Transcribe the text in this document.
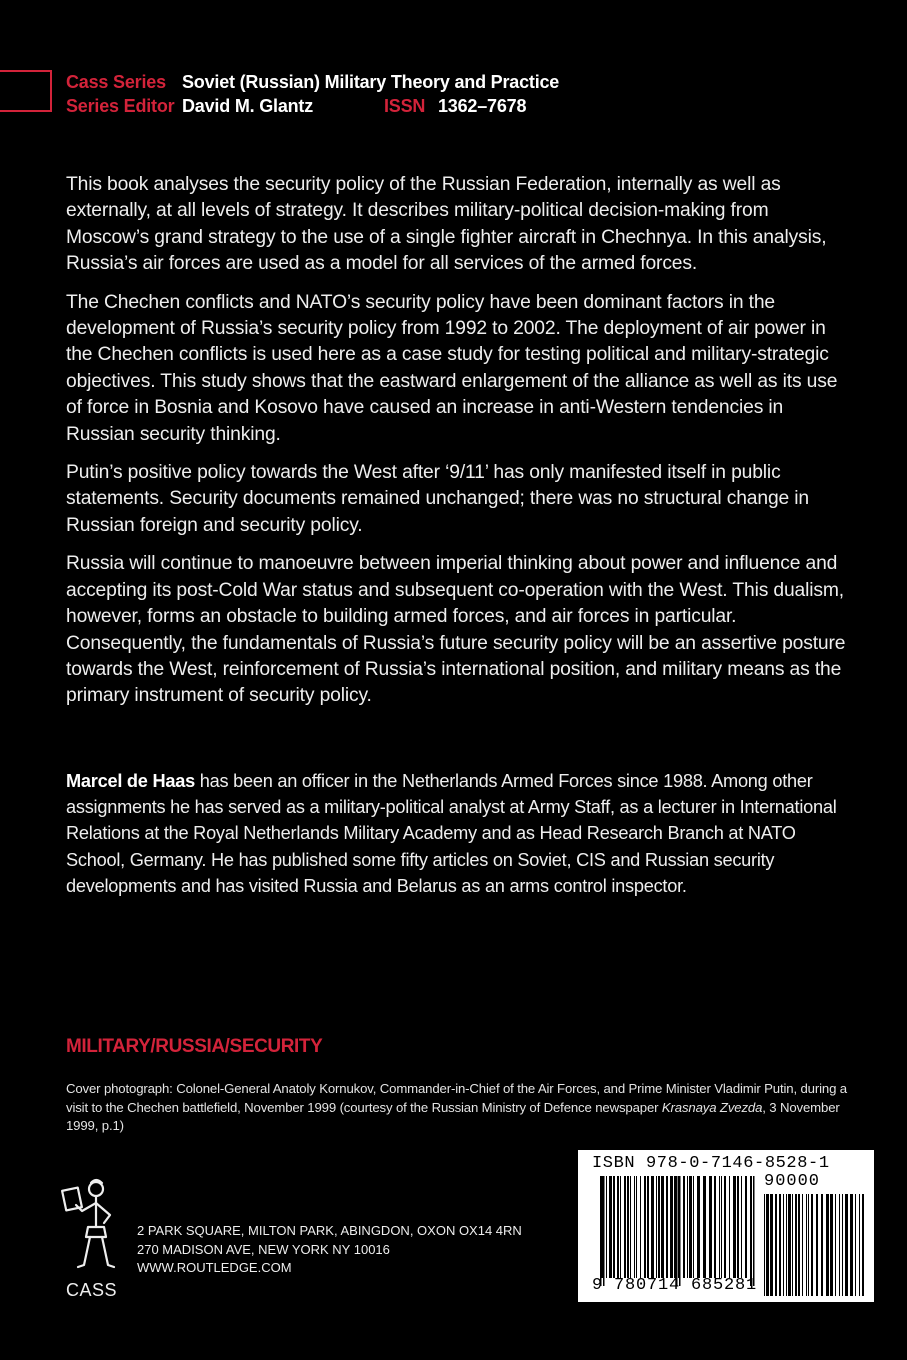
Cass Series Soviet (Russian) Military Theory and Practice
Series Editor David M. Glantz	ISSN 1362–7678

This book analyses the security policy of the Russian Federation, internally as well as externally, at all levels of strategy. It describes military-political decision-making from Moscow’s grand strategy to the use of a single fighter aircraft in Chechnya. In this analysis, Russia’s air forces are used as a model for all services of the armed forces.

The Chechen conflicts and NATO’s security policy have been dominant factors in the development of Russia’s security policy from 1992 to 2002. The deployment of air power in the Chechen conflicts is used here as a case study for testing political and military-strategic objectives. This study shows that the eastward enlargement of the alliance as well as its use of force in Bosnia and Kosovo have caused an increase in anti-Western tendencies in Russian security thinking.

Putin’s positive policy towards the West after ‘9/11’ has only manifested itself in public statements. Security documents remained unchanged; there was no structural change in Russian foreign and security policy.

Russia will continue to manoeuvre between imperial thinking about power and influence and accepting its post-Cold War status and subsequent co-operation with the West. This dualism, however, forms an obstacle to building armed forces, and air forces in particular. Consequently, the fundamentals of Russia’s future security policy will be an assertive posture towards the West, reinforcement of Russia’s international position, and military means as the primary instrument of security policy.

Marcel de Haas has been an officer in the Netherlands Armed Forces since 1988. Among other assignments he has served as a military-political analyst at Army Staff, as a lecturer in International Relations at the Royal Netherlands Military Academy and as Head Research Branch at NATO School, Germany. He has published some fifty articles on Soviet, CIS and Russian security developments and has visited Russia and Belarus as an arms control inspector.
MILITARY/RUSSIA/SECURITY
Cover photograph: Colonel-General Anatoly Kornukov, Commander-in-Chief of the Air Forces, and Prime Minister Vladimir Putin, during a visit to the Chechen battlefield, November 1999 (courtesy of the Russian Ministry of Defence newspaper Krasnaya Zvezda, 3 November 1999, p.1)
CASS
2 PARK SQUARE, MILTON PARK, ABINGDON, OXON OX14 4RN
270 MADISON AVE, NEW YORK NY 10016
WWW.ROUTLEDGE.COM
ISBN 978-0-7146-8528-1
90000
9 780714 685281
